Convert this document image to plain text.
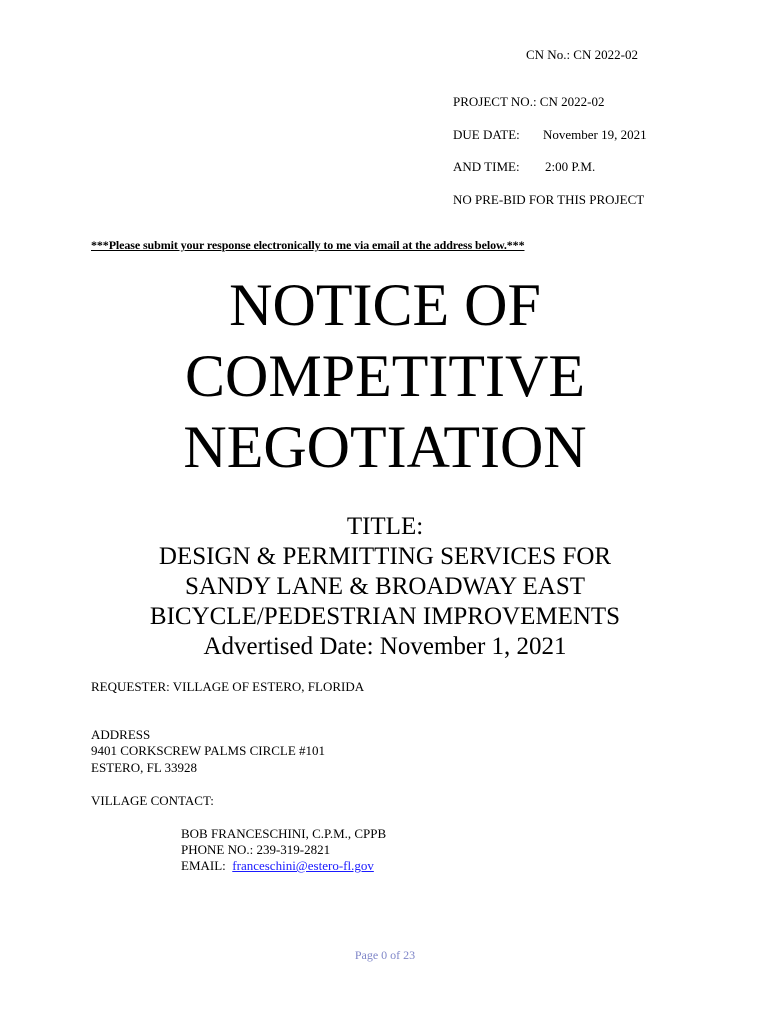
CN No.: CN 2022-02
PROJECT NO.: CN 2022-02
DUE DATE: November 19, 2021
AND TIME: 2:00 P.M.
NO PRE-BID FOR THIS PROJECT
***Please submit your response electronically to me via email at the address below.***
NOTICE OF
COMPETITIVE
NEGOTIATION
TITLE:
DESIGN & PERMITTING SERVICES FOR
SANDY LANE & BROADWAY EAST
BICYCLE/PEDESTRIAN IMPROVEMENTS
Advertised Date: November 1, 2021
REQUESTER: VILLAGE OF ESTERO, FLORIDA
ADDRESS
9401 CORKSCREW PALMS CIRCLE #101
ESTERO, FL 33928
VILLAGE CONTACT:
BOB FRANCESCHINI, C.P.M., CPPB
PHONE NO.: 239-319-2821
EMAIL: franceschini@estero-fl.gov
Page 0 of 23
